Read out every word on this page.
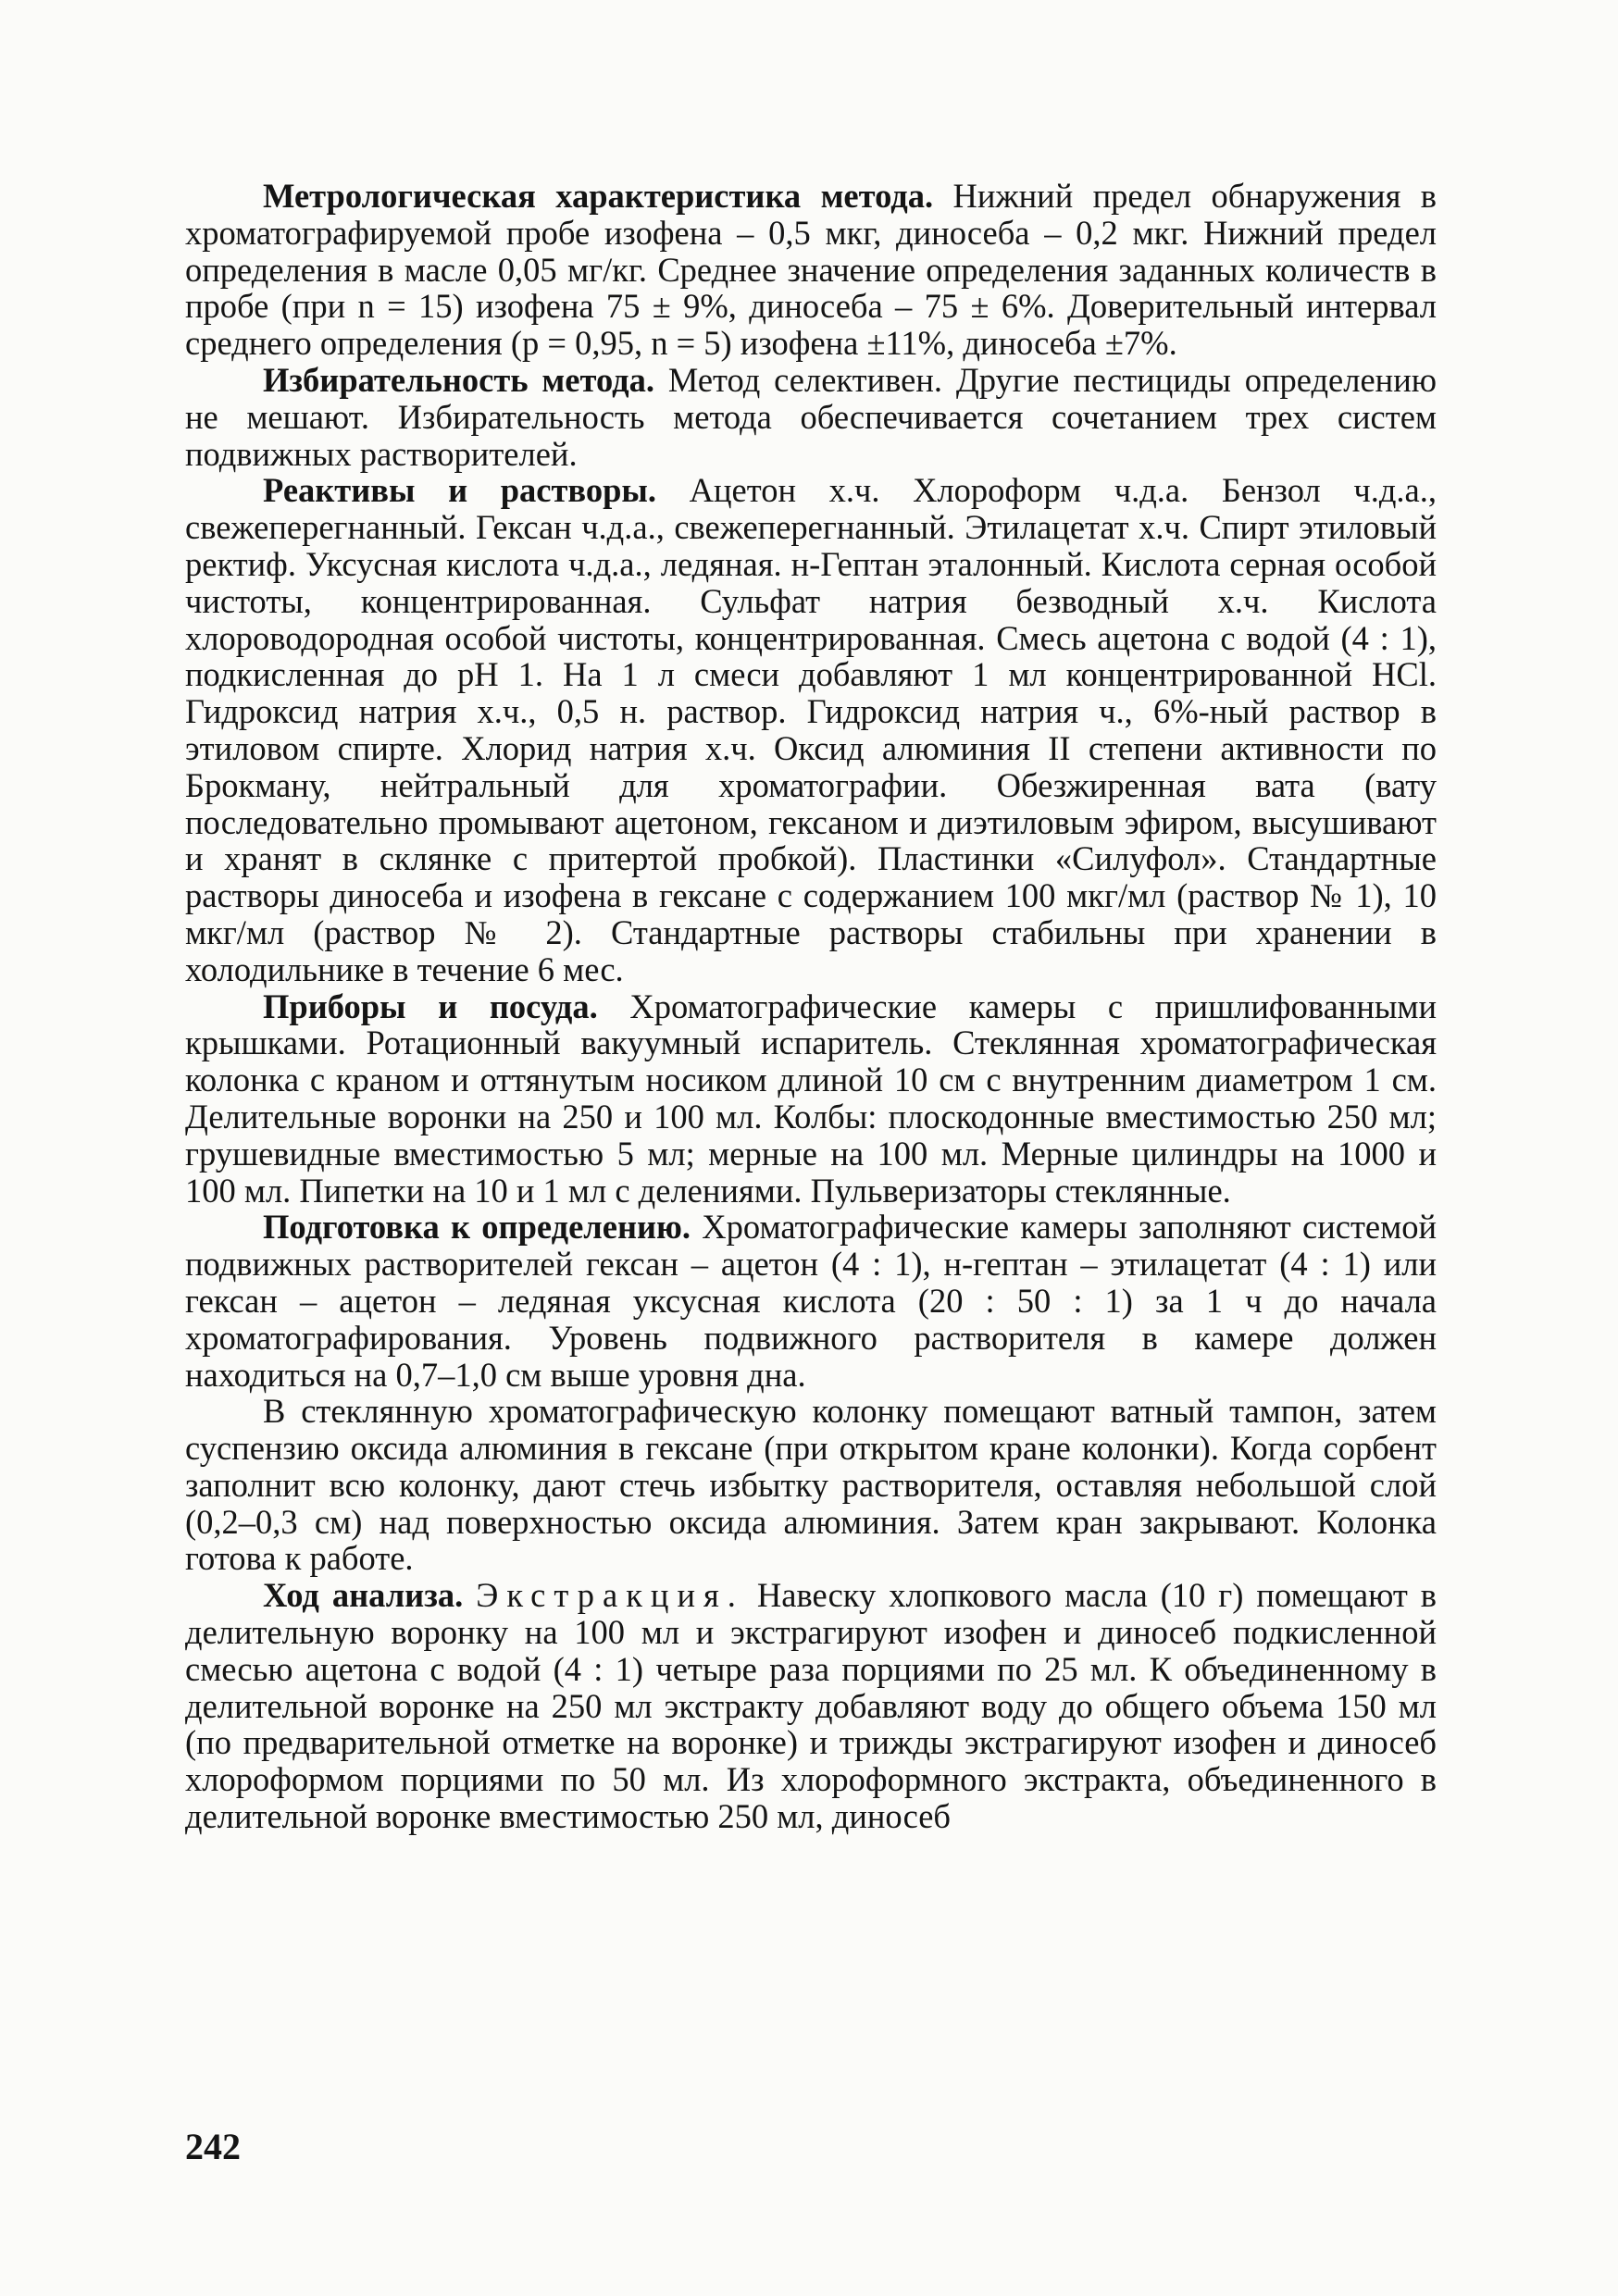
Метрологическая характеристика метода. Нижний предел обнаружения в хроматографируемой пробе изофена – 0,5 мкг, диносеба – 0,2 мкг. Нижний предел определения в масле 0,05 мг/кг. Среднее значение определения заданных количеств в пробе (при n = 15) изофена 75 ± 9%, диносеба – 75 ± 6%. Доверительный интервал среднего определения (p = 0,95, n = 5) изофена ±11%, диносеба ±7%.

Избирательность метода. Метод селективен. Другие пестициды определению не мешают. Избирательность метода обеспечивается сочетанием трех систем подвижных растворителей.

Реактивы и растворы. Ацетон х.ч. Хлороформ ч.д.а. Бензол ч.д.а., свежеперегнанный. Гексан ч.д.а., свежеперегнанный. Этилацетат х.ч. Спирт этиловый ректиф. Уксусная кислота ч.д.а., ледяная. н-Гептан эталонный. Кислота серная особой чистоты, концентрированная. Сульфат натрия безводный х.ч. Кислота хлороводородная особой чистоты, концентрированная. Смесь ацетона с водой (4 : 1), подкисленная до pH 1. На 1 л смеси добавляют 1 мл концентрированной HCl. Гидроксид натрия х.ч., 0,5 н. раствор. Гидроксид натрия ч., 6%-ный раствор в этиловом спирте. Хлорид натрия х.ч. Оксид алюминия II степени активности по Брокману, нейтральный для хроматографии. Обезжиренная вата (вату последовательно промывают ацетоном, гексаном и диэтиловым эфиром, высушивают и хранят в склянке с притертой пробкой). Пластинки «Силуфол». Стандартные растворы диносеба и изофена в гексане с содержанием 100 мкг/мл (раствор № 1), 10 мкг/мл (раствор № 2). Стандартные растворы стабильны при хранении в холодильнике в течение 6 мес.

Приборы и посуда. Хроматографические камеры с пришлифованными крышками. Ротационный вакуумный испаритель. Стеклянная хроматографическая колонка с краном и оттянутым носиком длиной 10 см с внутренним диаметром 1 см. Делительные воронки на 250 и 100 мл. Колбы: плоскодонные вместимостью 250 мл; грушевидные вместимостью 5 мл; мерные на 100 мл. Мерные цилиндры на 1000 и 100 мл. Пипетки на 10 и 1 мл с делениями. Пульверизаторы стеклянные.

Подготовка к определению. Хроматографические камеры заполняют системой подвижных растворителей гексан – ацетон (4 : 1), н-гептан – этилацетат (4 : 1) или гексан – ацетон – ледяная уксусная кислота (20 : 50 : 1) за 1 ч до начала хроматографирования. Уровень подвижного растворителя в камере должен находиться на 0,7–1,0 см выше уровня дна.

В стеклянную хроматографическую колонку помещают ватный тампон, затем суспензию оксида алюминия в гексане (при открытом кране колонки). Когда сорбент заполнит всю колонку, дают стечь избытку растворителя, оставляя небольшой слой (0,2–0,3 см) над поверхностью оксида алюминия. Затем кран закрывают. Колонка готова к работе.

Ход анализа. Экстракция. Навеску хлопкового масла (10 г) помещают в делительную воронку на 100 мл и экстрагируют изофен и диносеб подкисленной смесью ацетона с водой (4 : 1) четыре раза порциями по 25 мл. К объединенному в делительной воронке на 250 мл экстракту добавляют воду до общего объема 150 мл (по предварительной отметке на воронке) и трижды экстрагируют изофен и диносеб хлороформом порциями по 50 мл. Из хлороформного экстракта, объединенного в делительной воронке вместимостью 250 мл, диносеб

242
